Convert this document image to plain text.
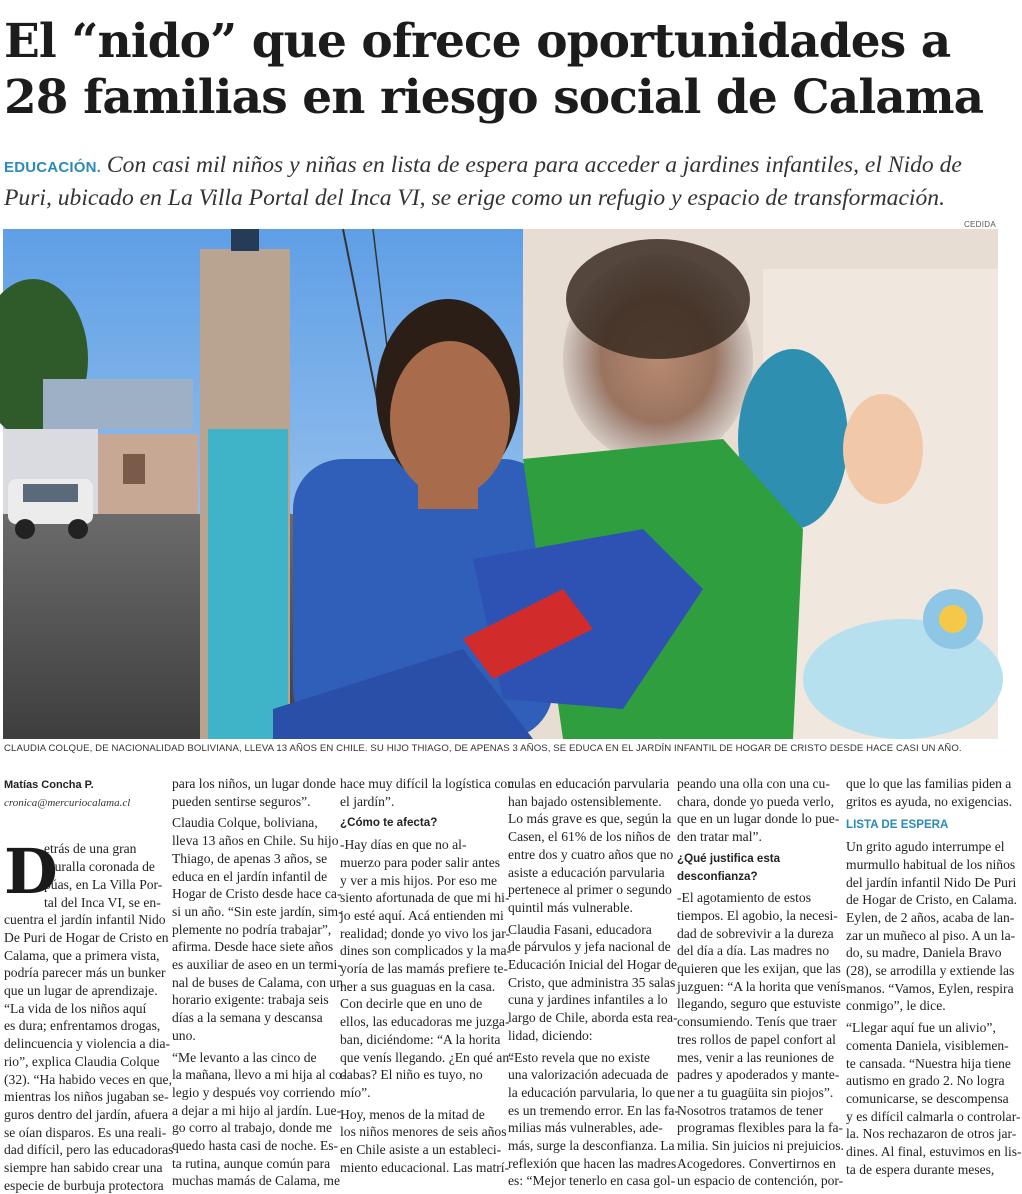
El “nido” que ofrece oportunidades a
28 familias en riesgo social de Calama
EDUCACIÓN. Con casi mil niños y niñas en lista de espera para acceder a jardines infantiles, el Nido de
Puri, ubicado en La Villa Portal del Inca VI, se erige como un refugio y espacio de transformación.
CEDIDA
CLAUDIA COLQUE, DE NACIONALIDAD BOLIVIANA, LLEVA 13 AÑOS EN CHILE. SU HIJO THIAGO, DE APENAS 3 AÑOS, SE EDUCA EN EL JARDÍN INFANTIL DE HOGAR DE CRISTO DESDE HACE CASI UN AÑO.
Matías Concha P.
cronica@mercuriocalama.cl
D
etrás de una gran
muralla coronada de
púas, en La Villa Por-
tal del Inca VI, se en-
cuentra el jardín infantil Nido
De Puri de Hogar de Cristo en
Calama, que a primera vista,
podría parecer más un bunker
que un lugar de aprendizaje.
“La vida de los niños aquí
es dura; enfrentamos drogas,
delincuencia y violencia a dia-
rio”, explica Claudia Colque
(32). “Ha habido veces en que,
mientras los niños jugaban se-
guros dentro del jardín, afuera
se oían disparos. Es una reali-
dad difícil, pero las educadoras
siempre han sabido crear una
especie de burbuja protectora
para los niños, un lugar donde
pueden sentirse seguros”.

Claudia Colque, boliviana,
lleva 13 años en Chile. Su hijo
Thiago, de apenas 3 años, se
educa en el jardín infantil de
Hogar de Cristo desde hace ca-
si un año. “Sin este jardín, sim-
plemente no podría trabajar”,
afirma. Desde hace siete años
es auxiliar de aseo en un termi-
nal de buses de Calama, con un
horario exigente: trabaja seis
días a la semana y descansa
uno.

“Me levanto a las cinco de
la mañana, llevo a mi hija al co-
legio y después voy corriendo
a dejar a mi hijo al jardín. Lue-
go corro al trabajo, donde me
quedo hasta casi de noche. Es-
ta rutina, aunque común para
muchas mamás de Calama, me
hace muy difícil la logística con
el jardín”.
¿Cómo te afecta?
-Hay días en que no al-
muerzo para poder salir antes
y ver a mis hijos. Por eso me
siento afortunada de que mi hi-
jo esté aquí. Acá entienden mi
realidad; donde yo vivo los jar-
dines son complicados y la ma-
yoría de las mamás prefiere te-
ner a sus guaguas en la casa.
Con decirle que en uno de
ellos, las educadoras me juzga-
ban, diciéndome: “A la horita
que venís llegando. ¿En qué an-
dabas? El niño es tuyo, no
mío”.

Hoy, menos de la mitad de
los niños menores de seis años
en Chile asiste a un estableci-
miento educacional. Las matrí-
culas en educación parvularia
han bajado ostensiblemente.
Lo más grave es que, según la
Casen, el 61% de los niños de
entre dos y cuatro años que no
asiste a educación parvularia
pertenece al primer o segundo
quintil más vulnerable.

Claudia Fasani, educadora
de párvulos y jefa nacional de
Educación Inicial del Hogar de
Cristo, que administra 35 salas
cuna y jardines infantiles a lo
largo de Chile, aborda esta rea-
lidad, diciendo:

“Esto revela que no existe
una valorización adecuada de
la educación parvularia, lo que
es un tremendo error. En las fa-
milias más vulnerables, ade-
más, surge la desconfianza. La
reflexión que hacen las madres
es: “Mejor tenerlo en casa gol-
peando una olla con una cu-
chara, donde yo pueda verlo,
que en un lugar donde lo pue-
den tratar mal”.
¿Qué justifica esta desconfianza?
-El agotamiento de estos
tiempos. El agobio, la necesi-
dad de sobrevivir a la dureza
del día a día. Las madres no
quieren que les exijan, que las
juzguen: “A la horita que venís
llegando, seguro que estuviste
consumiendo. Tenís que traer
tres rollos de papel confort al
mes, venir a las reuniones de
padres y apoderados y mante-
ner a tu guagüita sin piojos”.
Nosotros tratamos de tener
programas flexibles para la fa-
milia. Sin juicios ni prejuicios.
Acogedores. Convertirnos en
un espacio de contención, por-
que lo que las familias piden a
gritos es ayuda, no exigencias.
LISTA DE ESPERA
Un grito agudo interrumpe el
murmullo habitual de los niños
del jardín infantil Nido De Puri
de Hogar de Cristo, en Calama.
Eylen, de 2 años, acaba de lan-
zar un muñeco al piso. A un la-
do, su madre, Daniela Bravo
(28), se arrodilla y extiende las
manos. “Vamos, Eylen, respira
conmigo”, le dice.

“Llegar aquí fue un alivio”,
comenta Daniela, visiblemen-
te cansada. “Nuestra hija tiene
autismo en grado 2. No logra
comunicarse, se descompensa
y es difícil calmarla o controlar-
la. Nos rechazaron de otros jar-
dines. Al final, estuvimos en lis-
ta de espera durante meses,
